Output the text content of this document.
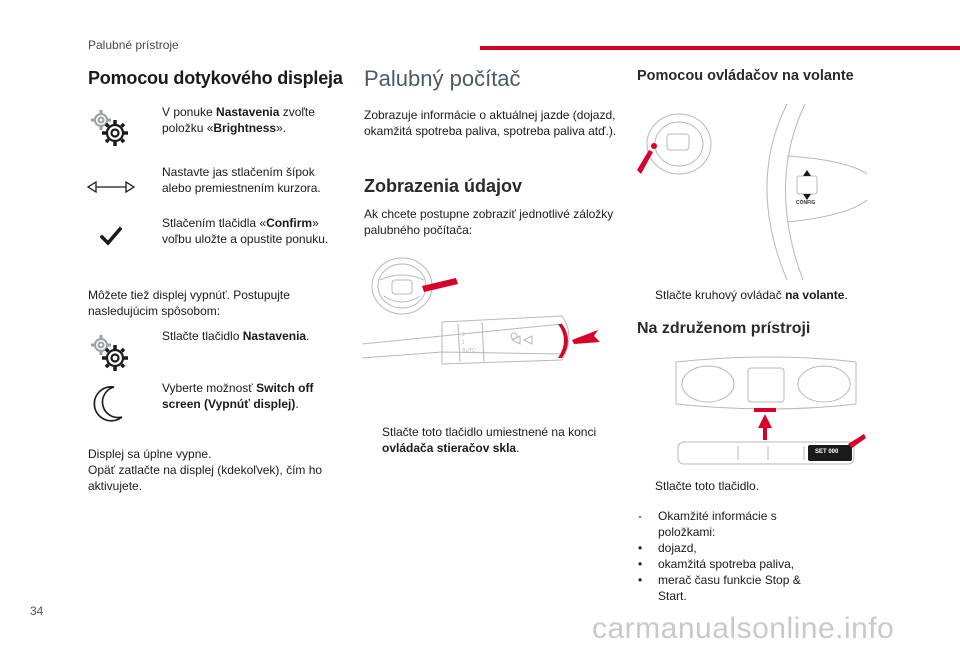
Palubné prístroje
Pomocou dotykového displeja
V ponuke Nastavenia zvoľte položku «Brightness».
Nastavte jas stlačením šípok alebo premiestnením kurzora.
Stlačením tlačidla «Confirm» voľbu uložte a opustite ponuku.
Môžete tiež displej vypnúť. Postupujte nasledujúcim spôsobom:
Stlačte tlačidlo Nastavenia.
Vyberte možnosť Switch off screen (Vypnúť displej).
Displej sa úplne vypne.
Opäť zatlačte na displej (kdekoľvek), čím ho aktivujete.
Palubný počítač
Zobrazuje informácie o aktuálnej jazde (dojazd, okamžitá spotreba paliva, spotreba paliva atď.).
Zobrazenia údajov
Ak chcete postupne zobraziť jednotlivé záložky palubného počítača:
2
1
AUTO
Stlačte toto tlačidlo umiestnené na konci ovládača stieračov skla.
Pomocou ovládačov na volante
CONFIG
Stlačte kruhový ovládač na volante.
Na združenom prístroji
SET 000
Stlačte toto tlačidlo.
- Okamžité informácie s položkami:
• dojazd,
• okamžitá spotreba paliva,
• merač času funkcie Stop & Start.
34
carmanualsonline.info
